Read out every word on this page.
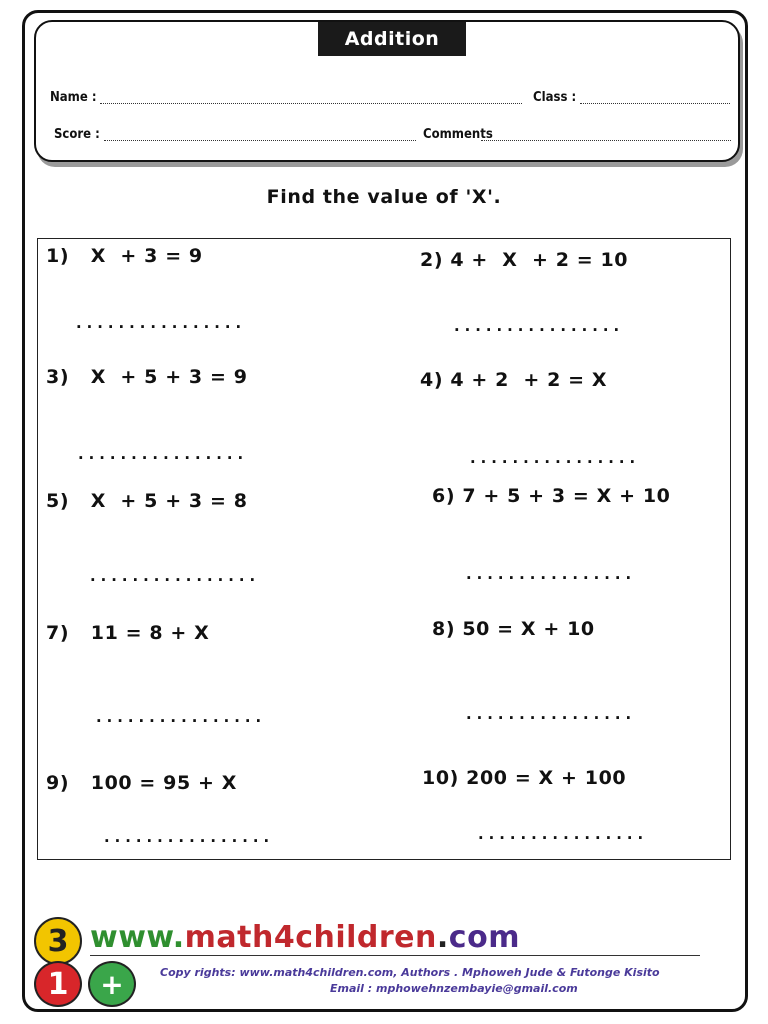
Addition
Name :	Class :
Score :	Comments
Find the value of 'X'.
1)   X  + 3 = 9
................
2) 4 +  X  + 2 = 10
................
3)   X  + 5 + 3 = 9
................
4) 4 + 2  + 2 = X
................
5)   X  + 5 + 3 = 8
................
6) 7 + 5 + 3 = X + 10
................
7)   11 = 8 + X
................
8) 50 = X + 10
................
9)   100 = 95 + X
................
10) 200 = X + 100
................
3
1 +
www.math4children.com
Copy rights: www.math4children.com, Authors . Mphoweh Jude & Futonge Kisito
Email : mphowehnzembayie@gmail.com
